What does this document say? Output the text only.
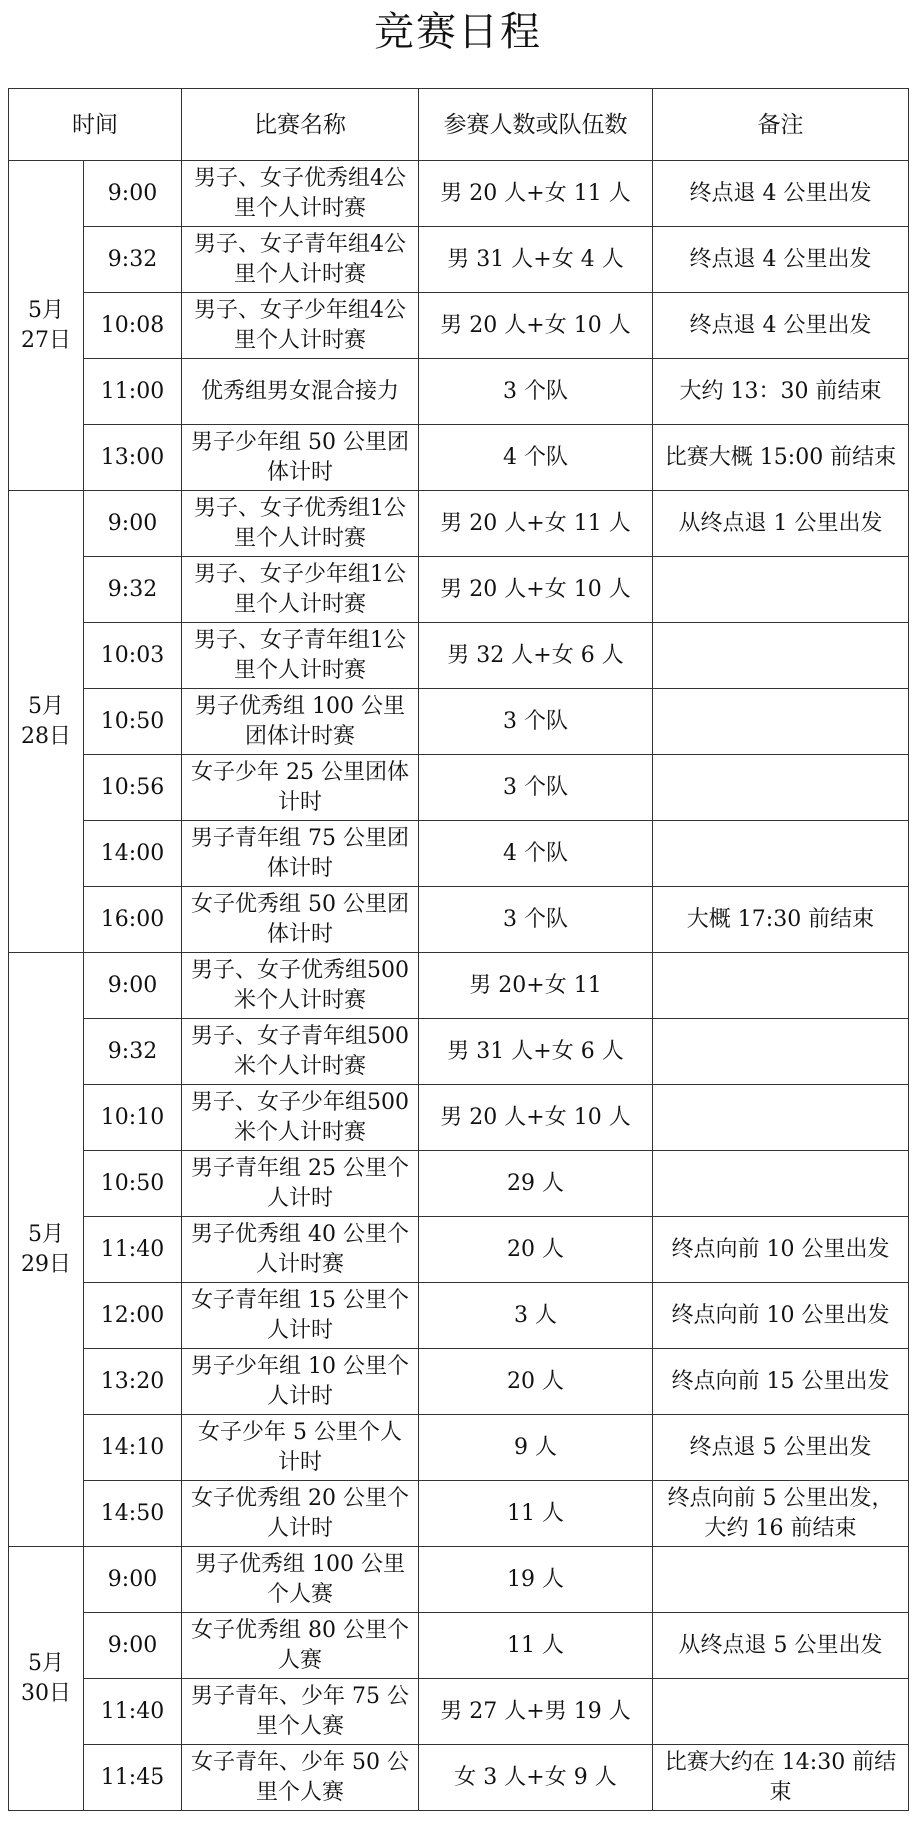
竞赛日程
时间		比赛名称	参赛人数或队伍数	备注
5月27日	9:00	男子、女子优秀组4公里个人计时赛	男 20 人+女 11 人	终点退 4 公里出发
	9:32	男子、女子青年组4公里个人计时赛	男 31 人+女 4 人	终点退 4 公里出发
	10:08	男子、女子少年组4公里个人计时赛	男 20 人+女 10 人	终点退 4 公里出发
	11:00	优秀组男女混合接力	3 个队	大约 13：30 前结束
	13:00	男子少年组 50 公里团体计时	4 个队	比赛大概 15:00 前结束
5月28日	9:00	男子、女子优秀组1公里个人计时赛	男 20 人+女 11 人	从终点退 1 公里出发
	9:32	男子、女子少年组1公里个人计时赛	男 20 人+女 10 人	
	10:03	男子、女子青年组1公里个人计时赛	男 32 人+女 6 人	
	10:50	男子优秀组 100 公里团体计时赛	3 个队	
	10:56	女子少年 25 公里团体计时	3 个队	
	14:00	男子青年组 75 公里团体计时	4 个队	
	16:00	女子优秀组 50 公里团体计时	3 个队	大概 17:30 前结束
5月29日	9:00	男子、女子优秀组500 米个人计时赛	男 20+女 11	
	9:32	男子、女子青年组500 米个人计时赛	男 31 人+女 6 人	
	10:10	男子、女子少年组500 米个人计时赛	男 20 人+女 10 人	
	10:50	男子青年组 25 公里个人计时	29 人	
	11:40	男子优秀组 40 公里个人计时赛	20 人	终点向前 10 公里出发
	12:00	女子青年组 15 公里个人计时	3 人	终点向前 10 公里出发
	13:20	男子少年组 10 公里个人计时	20 人	终点向前 15 公里出发
	14:10	女子少年 5 公里个人计时	9 人	终点退 5 公里出发
	14:50	女子优秀组 20 公里个人计时	11 人	终点向前 5 公里出发，大约 16 前结束
5月30日	9:00	男子优秀组 100 公里个人赛	19 人	
	9:00	女子优秀组 80 公里个人赛	11 人	从终点退 5 公里出发
	11:40	男子青年、少年 75 公里个人赛	男 27 人+男 19 人	
	11:45	女子青年、少年 50 公里个人赛	女 3 人+女 9 人	比赛大约在 14:30 前结束
